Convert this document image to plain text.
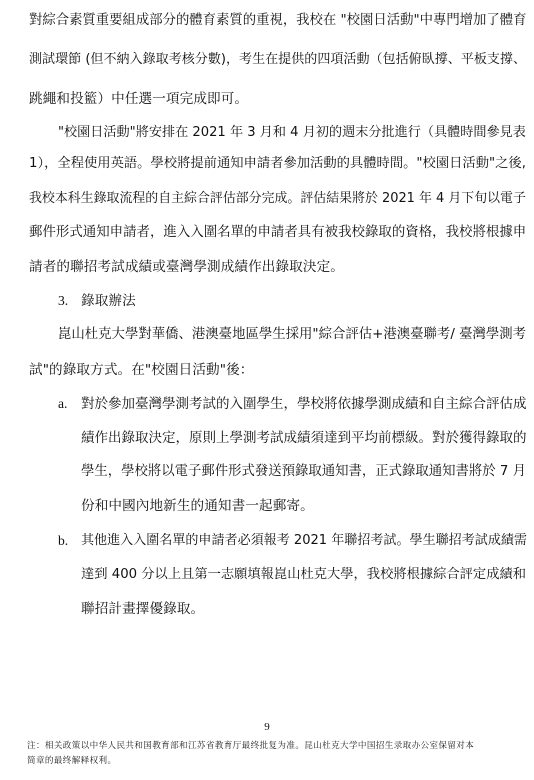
對綜合素質重要組成部分的體育素質的重視，我校在 "校園日活動"中專門增加了體育
測試環節 (但不納入錄取考核分數)，考生在提供的四項活動（包括俯臥撐、平板支撐、
跳繩和投籃）中任選一項完成即可。
"校園日活動"將安排在 2021 年 3 月和 4 月初的週末分批進行（具體時間參見表
1），全程使用英語。學校將提前通知申請者參加活動的具體時間。"校園日活動"之後,
我校本科生錄取流程的自主綜合評估部分完成。評估結果將於 2021 年 4 月下旬以電子
郵件形式通知申請者，進入入圍名單的申請者具有被我校錄取的資格，我校將根據申
請者的聯招考試成績或臺灣學測成績作出錄取決定。
3. 錄取辦法
崑山杜克大學對華僑、港澳臺地區學生採用"綜合評估+港澳臺聯考/ 臺灣學測考
試"的錄取方式。在"校園日活動"後：
a. 對於參加臺灣學測考試的入圍學生，學校將依據學測成績和自主綜合評估成
績作出錄取決定，原則上學測考試成績須達到平均前標級。對於獲得錄取的
學生，學校將以電子郵件形式發送預錄取通知書，正式錄取通知書將於 7 月
份和中國內地新生的通知書一起郵寄。
b. 其他進入入圍名單的申請者必須報考 2021 年聯招考試。學生聯招考試成績需
達到 400 分以上且第一志願填報崑山杜克大學，我校將根據綜合評定成績和
聯招計畫擇優錄取。
9
注：相关政策以中华人民共和国教育部和江苏省教育厅最终批复为准。昆山杜克大学中国招生录取办公室保留对本
简章的最终解释权利。
